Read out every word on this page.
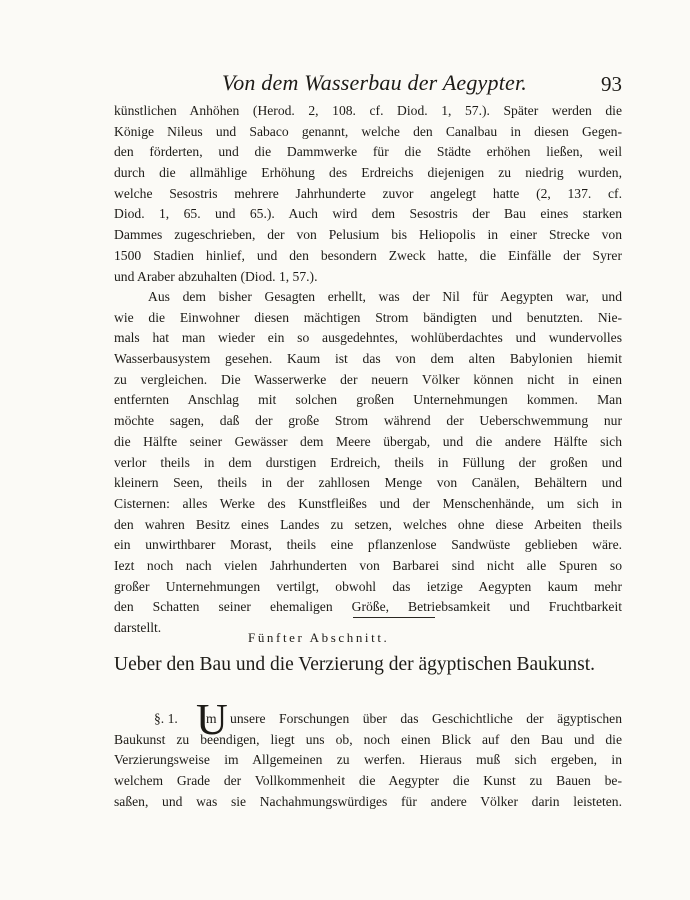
Von dem Wasserbau der Aegypter.	93
künstlichen Anhöhen (Herod. 2, 108. cf. Diod. 1, 57.). Später werden die
Könige Nileus und Sabaco genannt, welche den Canalbau in diesen Gegen-
den förderten, und die Dammwerke für die Städte erhöhen ließen, weil
durch die allmählige Erhöhung des Erdreichs diejenigen zu niedrig wurden,
welche Sesostris mehrere Jahrhunderte zuvor angelegt hatte (2, 137. cf.
Diod. 1, 65. und 65.). Auch wird dem Sesostris der Bau eines starken
Dammes zugeschrieben, der von Pelusium bis Heliopolis in einer Strecke von
1500 Stadien hinlief, und den besondern Zweck hatte, die Einfälle der Syrer
und Araber abzuhalten (Diod. 1, 57.).
Aus dem bisher Gesagten erhellt, was der Nil für Aegypten war, und
wie die Einwohner diesen mächtigen Strom bändigten und benutzten. Nie-
mals hat man wieder ein so ausgedehntes, wohlüberdachtes und wundervolles
Wasserbausystem gesehen. Kaum ist das von dem alten Babylonien hiemit
zu vergleichen. Die Wasserwerke der neuern Völker können nicht in einen
entfernten Anschlag mit solchen großen Unternehmungen kommen. Man
möchte sagen, daß der große Strom während der Ueberschwemmung nur
die Hälfte seiner Gewässer dem Meere übergab, und die andere Hälfte sich
verlor theils in dem durstigen Erdreich, theils in Füllung der großen und
kleinern Seen, theils in der zahllosen Menge von Canälen, Behältern und
Cisternen: alles Werke des Kunstfleißes und der Menschenhände, um sich in
den wahren Besitz eines Landes zu setzen, welches ohne diese Arbeiten theils
ein unwirthbarer Morast, theils eine pflanzenlose Sandwüste geblieben wäre.
Iezt noch nach vielen Jahrhunderten von Barbarei sind nicht alle Spuren so
großer Unternehmungen vertilgt, obwohl das ietzige Aegypten kaum mehr
den Schatten seiner ehemaligen Größe, Betriebsamkeit und Fruchtbarkeit
darstellt.
Fünfter Abschnitt.
Ueber den Bau und die Verzierung der ägyptischen Baukunst.
§. 1. U
m unsere Forschungen über das Geschichtliche der ägyptischen
Baukunst zu beendigen, liegt uns ob, noch einen Blick auf den Bau und die
Verzierungsweise im Allgemeinen zu werfen. Hieraus muß sich ergeben, in
welchem Grade der Vollkommenheit die Aegypter die Kunst zu Bauen be-
saßen, und was sie Nachahmungswürdiges für andere Völker darin leisteten.
